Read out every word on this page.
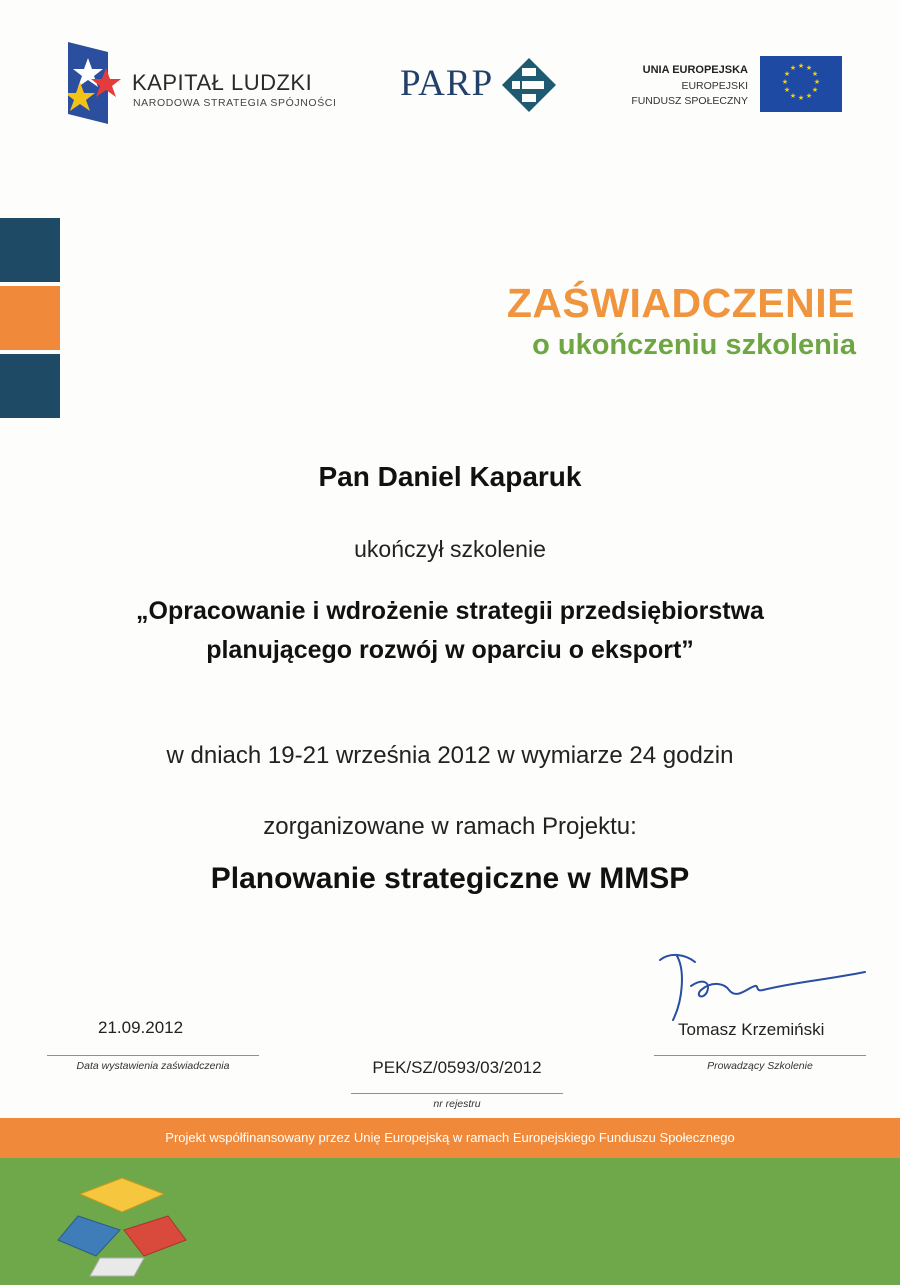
KAPITAŁ LUDZKI
NARODOWA STRATEGIA SPÓJNOŚCI PARP	UNIA EUROPEJSKA
EUROPEJSKI
FUNDUSZ SPOŁECZNY
★ ★
★
★
★
★
★
★
★
★
★
★
ZAŚWIADCZENIE
o ukończeniu szkolenia
Pan Daniel Kaparuk
ukończył szkolenie
„Opracowanie i wdrożenie strategii przedsiębiorstwa
planującego rozwój w oparciu o eksport”
w dniach 19-21 września 2012 w wymiarze 24 godzin
zorganizowane w ramach Projektu:
Planowanie strategiczne w MMSP
21.09.2012
Data wystawienia zaświadczenia	PEK/SZ/0593/03/2012
nr rejestru
Tomasz Krzemiński
Prowadzący Szkolenie
Projekt współfinansowany przez Unię Europejską w ramach Europejskiego Funduszu Społecznego
